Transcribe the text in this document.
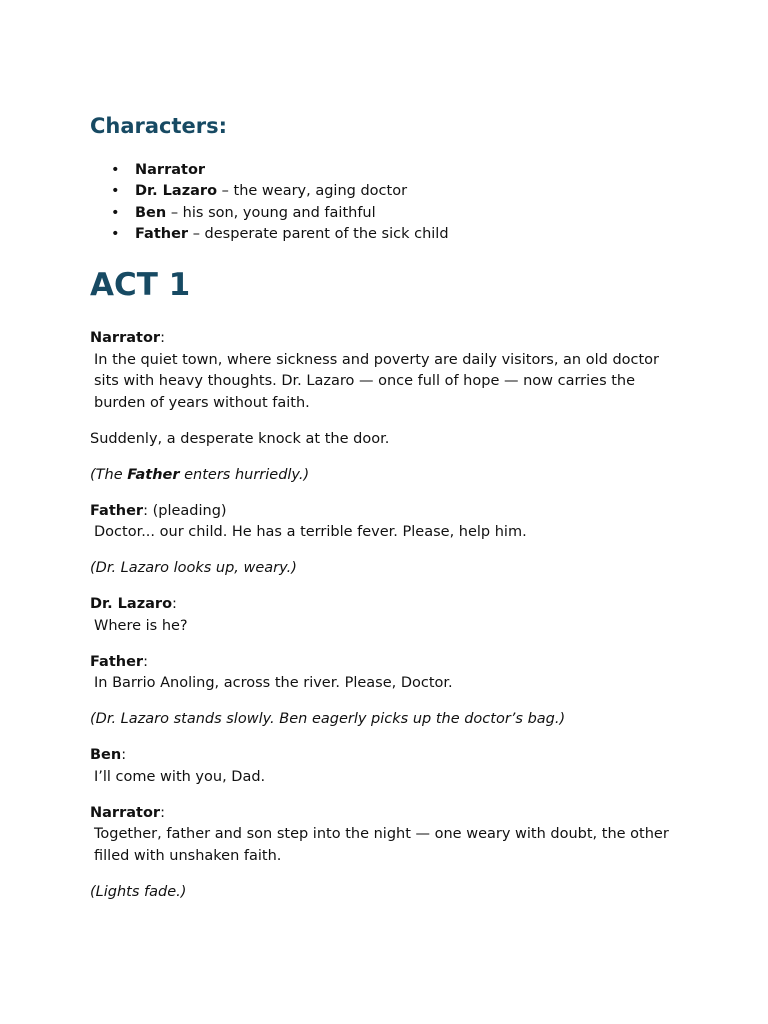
Characters:
• Narrator
• Dr. Lazaro – the weary, aging doctor
• Ben – his son, young and faithful
• Father – desperate parent of the sick child
ACT 1

Narrator:

In the quiet town, where sickness and poverty are daily visitors, an old doctor sits with heavy thoughts. Dr. Lazaro — once full of hope — now carries the burden of years without faith.

Suddenly, a desperate knock at the door.

(The Father enters hurriedly.)

Father: (pleading)

Doctor... our child. He has a terrible fever. Please, help him.

(Dr. Lazaro looks up, weary.)

Dr. Lazaro:

Where is he?

Father:

In Barrio Anoling, across the river. Please, Doctor.

(Dr. Lazaro stands slowly. Ben eagerly picks up the doctor’s bag.)

Ben:

I’ll come with you, Dad.

Narrator:

Together, father and son step into the night — one weary with doubt, the other filled with unshaken faith.

(Lights fade.)
